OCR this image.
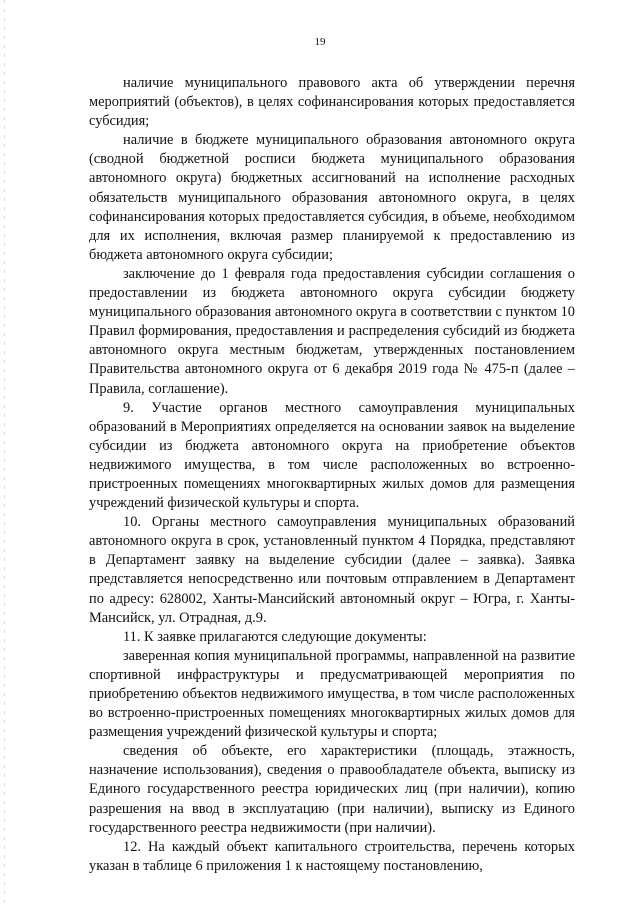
19

наличие муниципального правового акта об утверждении перечня мероприятий (объектов), в целях софинансирования которых предоставляется субсидия;

наличие в бюджете муниципального образования автономного округа (сводной бюджетной росписи бюджета муниципального образования автономного округа) бюджетных ассигнований на исполнение расходных обязательств муниципального образования автономного округа, в целях софинансирования которых предоставляется субсидия, в объеме, необходимом для их исполнения, включая размер планируемой к предоставлению из бюджета автономного округа субсидии;

заключение до 1 февраля года предоставления субсидии соглашения о предоставлении из бюджета автономного округа субсидии бюджету муниципального образования автономного округа в соответствии с пунктом 10 Правил формирования, предоставления и распределения субсидий из бюджета автономного округа местным бюджетам, утвержденных постановлением Правительства автономного округа от 6 декабря 2019 года № 475-п (далее – Правила, соглашение).

9. Участие органов местного самоуправления муниципальных образований в Мероприятиях определяется на основании заявок на выделение субсидии из бюджета автономного округа на приобретение объектов недвижимого имущества, в том числе расположенных во встроенно-пристроенных помещениях многоквартирных жилых домов для размещения учреждений физической культуры и спорта.

10. Органы местного самоуправления муниципальных образований автономного округа в срок, установленный пунктом 4 Порядка, представляют в Департамент заявку на выделение субсидии (далее – заявка). Заявка представляется непосредственно или почтовым отправлением в Департамент по адресу: 628002, Ханты-Мансийский автономный округ – Югра, г. Ханты-Мансийск, ул. Отрадная, д.9.

11. К заявке прилагаются следующие документы:

заверенная копия муниципальной программы, направленной на развитие спортивной инфраструктуры и предусматривающей мероприятия по приобретению объектов недвижимого имущества, в том числе расположенных во встроенно-пристроенных помещениях многоквартирных жилых домов для размещения учреждений физической культуры и спорта;

сведения об объекте, его характеристики (площадь, этажность, назначение использования), сведения о правообладателе объекта, выписку из Единого государственного реестра юридических лиц (при наличии), копию разрешения на ввод в эксплуатацию (при наличии), выписку из Единого государственного реестра недвижимости (при наличии).

12. На каждый объект капитального строительства, перечень которых указан в таблице 6 приложения 1 к настоящему постановлению,
